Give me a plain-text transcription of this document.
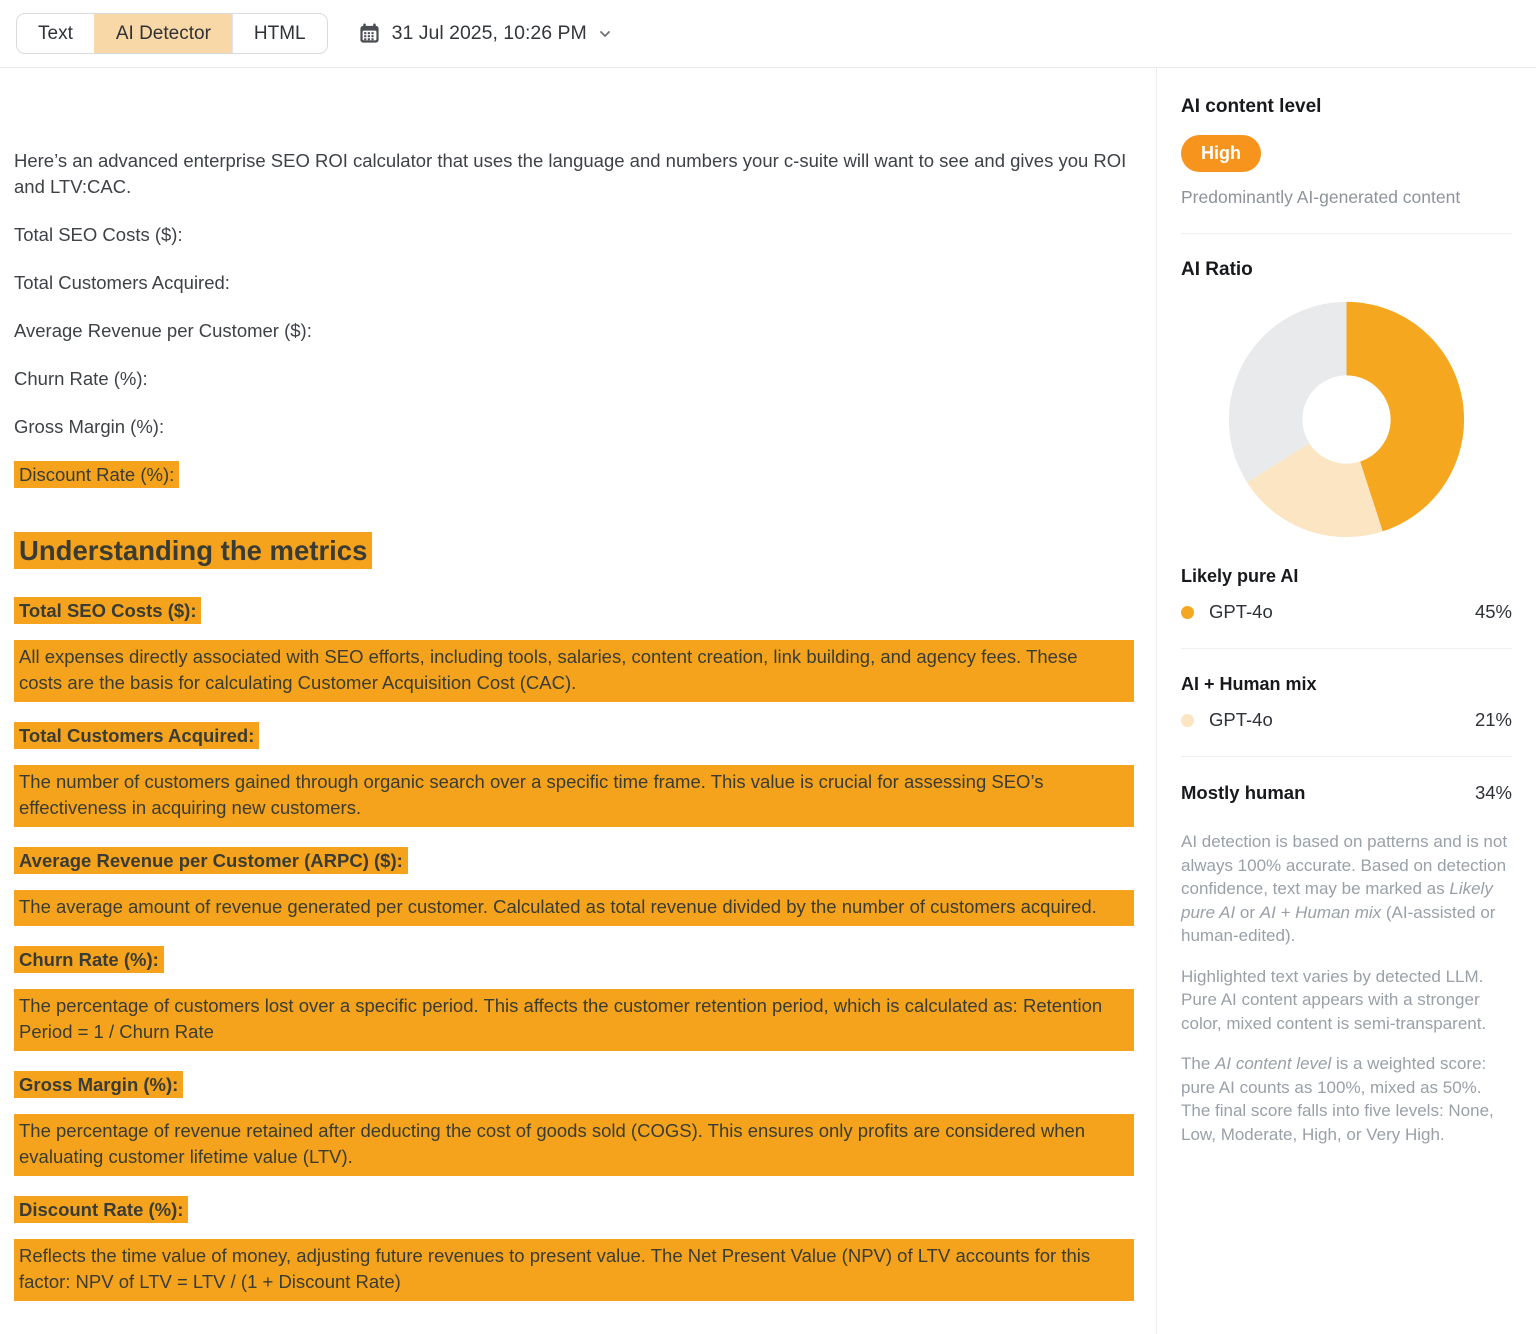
Text	AI Detector	HTML	31 Jul 2025, 10:26 PM

Here’s an advanced enterprise SEO ROI calculator that uses the language and numbers your c-suite will want to see and gives you ROI and LTV:CAC.

Total SEO Costs ($):

Total Customers Acquired:

Average Revenue per Customer ($):

Churn Rate (%):

Gross Margin (%):

Discount Rate (%):

Understanding the metrics

Total SEO Costs ($):

All expenses directly associated with SEO efforts, including tools, salaries, content creation, link building, and agency fees. These costs are the basis for calculating Customer Acquisition Cost (CAC).

Total Customers Acquired:

The number of customers gained through organic search over a specific time frame. This value is crucial for assessing SEO’s effectiveness in acquiring new customers.

Average Revenue per Customer (ARPC) ($):

The average amount of revenue generated per customer. Calculated as total revenue divided by the number of customers acquired.

Churn Rate (%):

The percentage of customers lost over a specific period. This affects the customer retention period, which is calculated as: Retention Period = 1 / Churn Rate

Gross Margin (%):

The percentage of revenue retained after deducting the cost of goods sold (COGS). This ensures only profits are considered when evaluating customer lifetime value (LTV).

Discount Rate (%):

Reflects the time value of money, adjusting future revenues to present value. The Net Present Value (NPV) of LTV accounts for this factor: NPV of LTV = LTV / (1 + Discount Rate)

AI content level
High
Predominantly AI-generated content
AI Ratio
Likely pure AI
GPT-4o	45%
AI + Human mix
GPT-4o	21%
Mostly human	34%

AI detection is based on patterns and is not always 100% accurate. Based on detection confidence, text may be marked as Likely pure AI or AI + Human mix (AI-assisted or human-edited).

Highlighted text varies by detected LLM. Pure AI content appears with a stronger color, mixed content is semi-transparent.

The AI content level is a weighted score: pure AI counts as 100%, mixed as 50%. The final score falls into five levels: None, Low, Moderate, High, or Very High.
